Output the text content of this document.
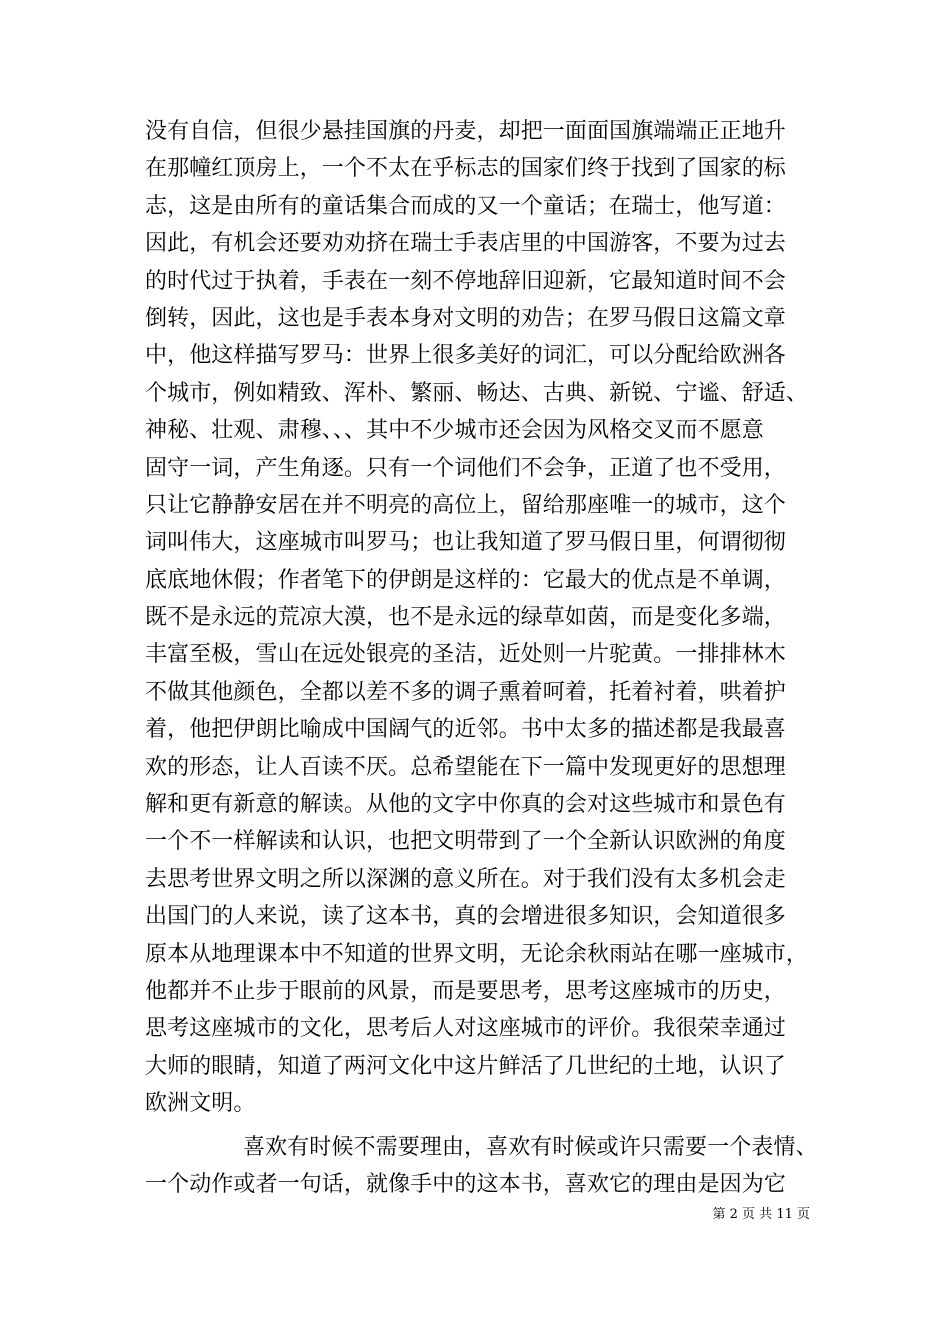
没有自信，但很少悬挂国旗的丹麦，却把一面面国旗端端正正地升
在那幢红顶房上，一个不太在乎标志的国家们终于找到了国家的标
志，这是由所有的童话集合而成的又一个童话；在瑞士，他写道：
因此，有机会还要劝劝挤在瑞士手表店里的中国游客，不要为过去
的时代过于执着，手表在一刻不停地辞旧迎新，它最知道时间不会
倒转，因此，这也是手表本身对文明的劝告；在罗马假日这篇文章
中，他这样描写罗马：世界上很多美好的词汇，可以分配给欧洲各
个城市，例如精致、浑朴、繁丽、畅达、古典、新锐、宁谧、舒适、
神秘、壮观、肃穆、、、其中不少城市还会因为风格交叉而不愿意
固守一词，产生角逐。只有一个词他们不会争，正道了也不受用，
只让它静静安居在并不明亮的高位上，留给那座唯一的城市，这个
词叫伟大，这座城市叫罗马；也让我知道了罗马假日里，何谓彻彻
底底地休假；作者笔下的伊朗是这样的：它最大的优点是不单调，
既不是永远的荒凉大漠，也不是永远的绿草如茵，而是变化多端，
丰富至极，雪山在远处银亮的圣洁，近处则一片驼黄。一排排林木
不做其他颜色，全都以差不多的调子熏着呵着，托着衬着，哄着护
着，他把伊朗比喻成中国阔气的近邻。书中太多的描述都是我最喜
欢的形态，让人百读不厌。总希望能在下一篇中发现更好的思想理
解和更有新意的解读。从他的文字中你真的会对这些城市和景色有
一个不一样解读和认识，也把文明带到了一个全新认识欧洲的角度
去思考世界文明之所以深渊的意义所在。对于我们没有太多机会走
出国门的人来说，读了这本书，真的会增进很多知识，会知道很多
原本从地理课本中不知道的世界文明，无论余秋雨站在哪一座城市，
他都并不止步于眼前的风景，而是要思考，思考这座城市的历史，
思考这座城市的文化，思考后人对这座城市的评价。我很荣幸通过
大师的眼睛，知道了两河文化中这片鲜活了几世纪的土地，认识了
欧洲文明。
喜欢有时候不需要理由，喜欢有时候或许只需要一个表情、
一个动作或者一句话，就像手中的这本书，喜欢它的理由是因为它
第 2 页 共 11 页
